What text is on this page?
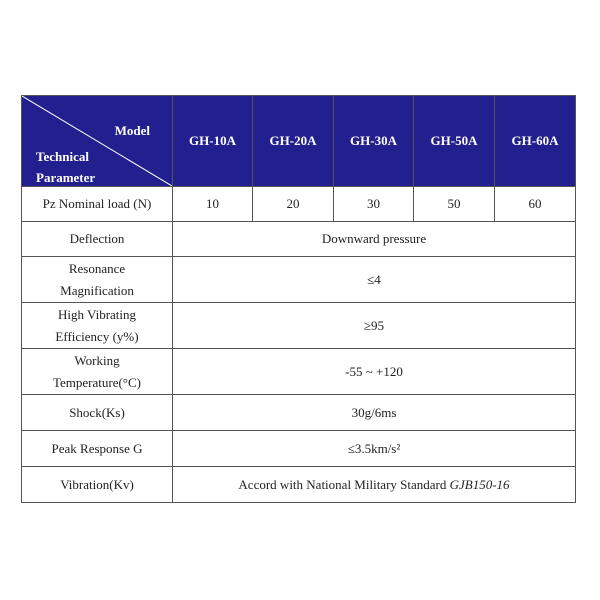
Model
Technical
Parameter	GH-10A	GH-20A	GH-30A	GH-50A	GH-60A
Pz Nominal load (N)	10	20	30	50	60
Deflection	Downward pressure				

Resonance
Magnification	≤4				

High Vibrating
Efficiency (y%)	≥95				

Working
Temperature(°C)	-55 ~ +120				
Shock(Ks)	30g/6ms				
Peak Response G	≤3.5km/s²				
Vibration(Kv)	Accord with National Military Standard GJB150-16				
